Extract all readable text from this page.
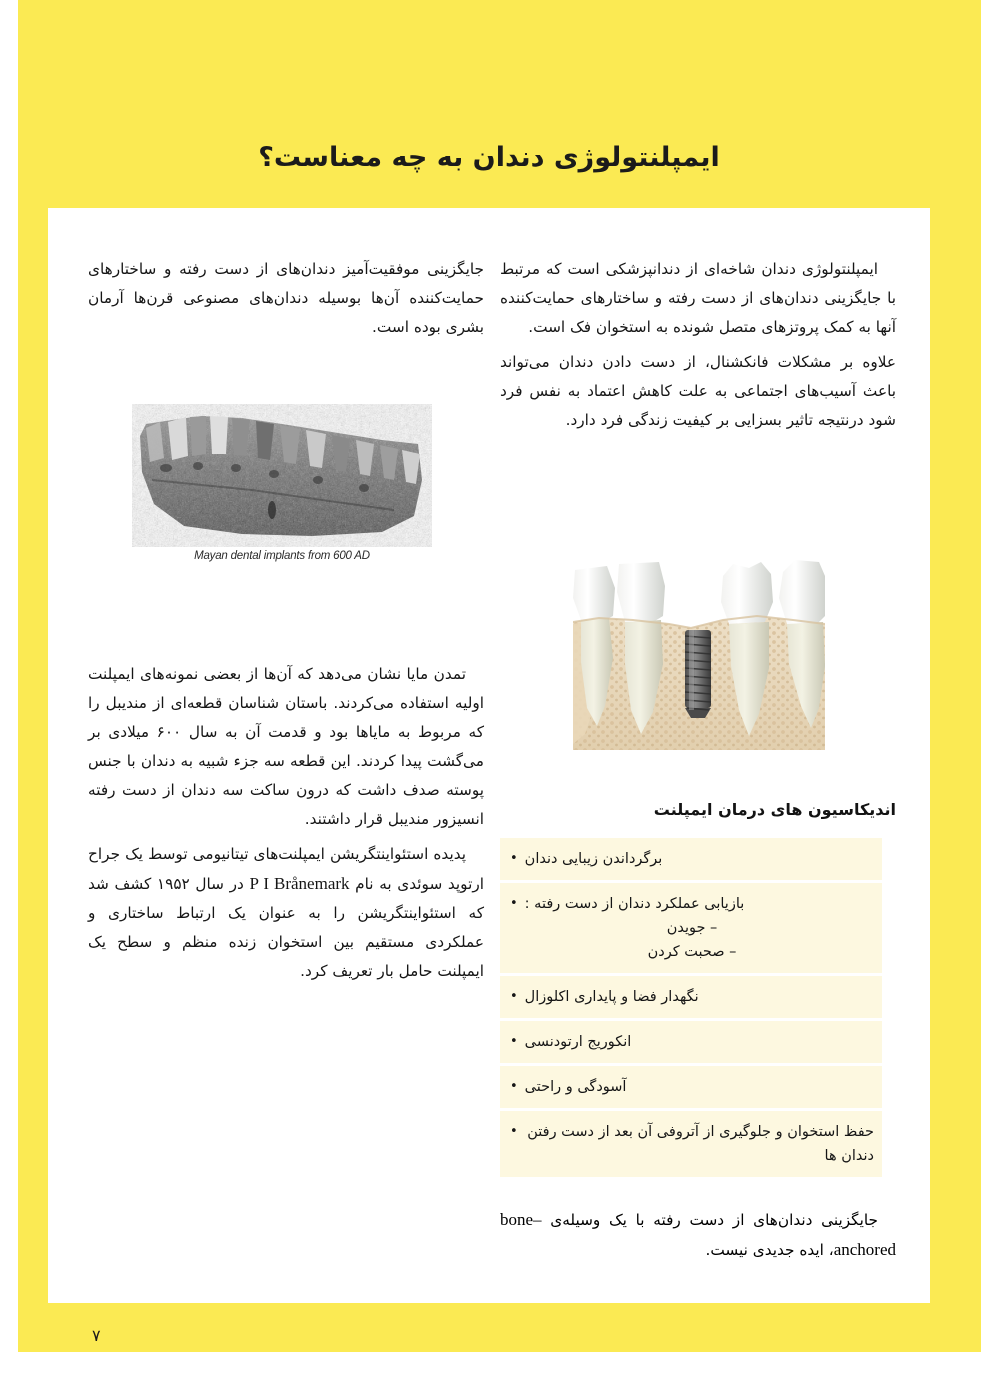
ایمپلنتولوژی دندان به چه معناست؟

ایمپلنتولوژی دندان شاخه‌ای از دندانپزشکی است که مرتبط با جایگزینی دندان‌های از دست رفته و ساختارهای حمایت‌کننده آنها به کمک پروتزهای متصل شونده به استخوان فک است.

علاوه بر مشکلات فانکشنال، از دست دادن دندان می‌تواند باعث آسیب‌های اجتماعی به علت کاهش اعتماد به نفس فرد شود درنتیجه تاثیر بسزایی بر کیفیت زندگی فرد دارد.

جایگزینی موفقیت‌آمیز دندان‌های از دست رفته و ساختارهای حمایت‌کننده آن‌ها بوسیله دندان‌های مصنوعی قرن‌ها آرمان بشری بوده است.

تمدن مایا نشان می‌دهد که آن‌ها از بعضی نمونه‌های ایمپلنت اولیه استفاده می‌کردند. باستان شناسان قطعه‌ای از مندیبل را که مربوط به مایاها بود و قدمت آن به سال ۶۰۰ میلادی بر می‌گشت پیدا کردند. این قطعه سه جزء شبیه به دندان با جنس پوسته صدف داشت که درون ساکت سه دندان از دست رفته انسیزور مندیبل قرار داشتند.

پدیده استئواینتگریشن ایمپلنت‌های تیتانیومی توسط یک جراح ارتوپد سوئدی به نام P I Brånemark در سال ۱۹۵۲ کشف شد که استئواینتگریشن را به عنوان یک ارتباط ساختاری و عملکردی مستقیم بین استخوان زنده منظم و سطح یک ایمپلنت حامل بار تعریف کرد.

Mayan dental implants from 600 AD
اندیکاسیون های درمان ایمپلنت
• برگرداندن زیبایی دندان
• بازیابی عملکرد دندان از دست رفته :
– جویدن
– صحبت کردن
• نگهدار فضا و پایداری اکلوزال
• انکوریج ارتودنسی
• آسودگی و راحتی
• حفظ استخوان و جلوگیری از آتروفی آن بعد از دست رفتن دندان ها

جایگزینی دندان‌های از دست رفته با یک وسیله‌ی bone–anchored، ایده جدیدی نیست.

۷
